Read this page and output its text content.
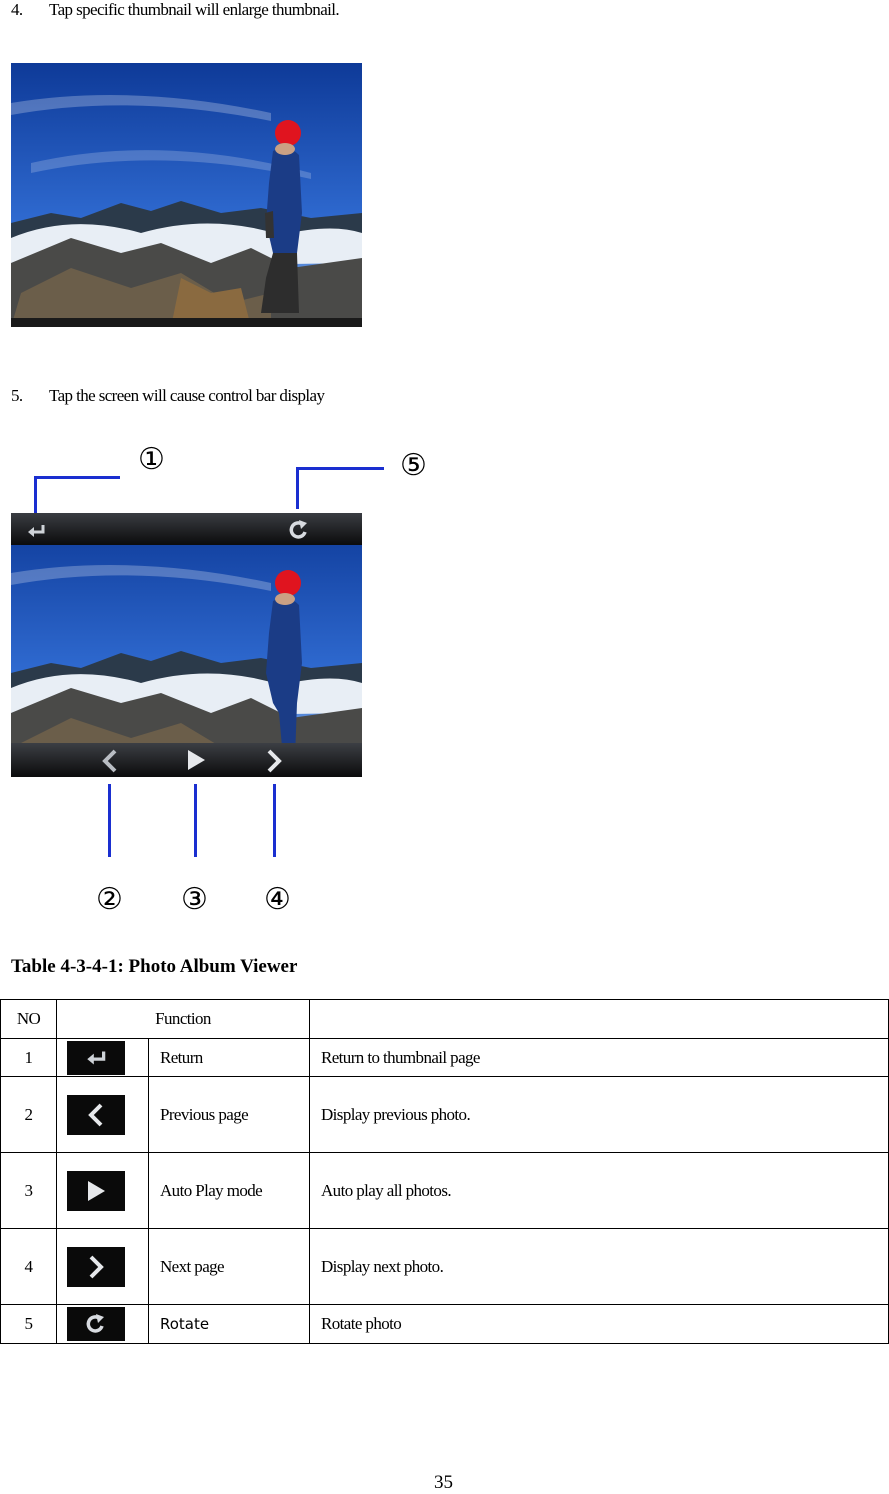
4. Tap specific thumbnail will enlarge thumbnail.
5. Tap the screen will cause control bar display
①	⑤
② ③ ④
Table 4-3-4-1: Photo Album Viewer
NO	Function		
1		Return	Return to thumbnail page
2		Previous page	Display previous photo.
3		Auto Play mode	Auto play all photos.
4		Next page	Display next photo.
5		Rotate	Rotate photo
35
